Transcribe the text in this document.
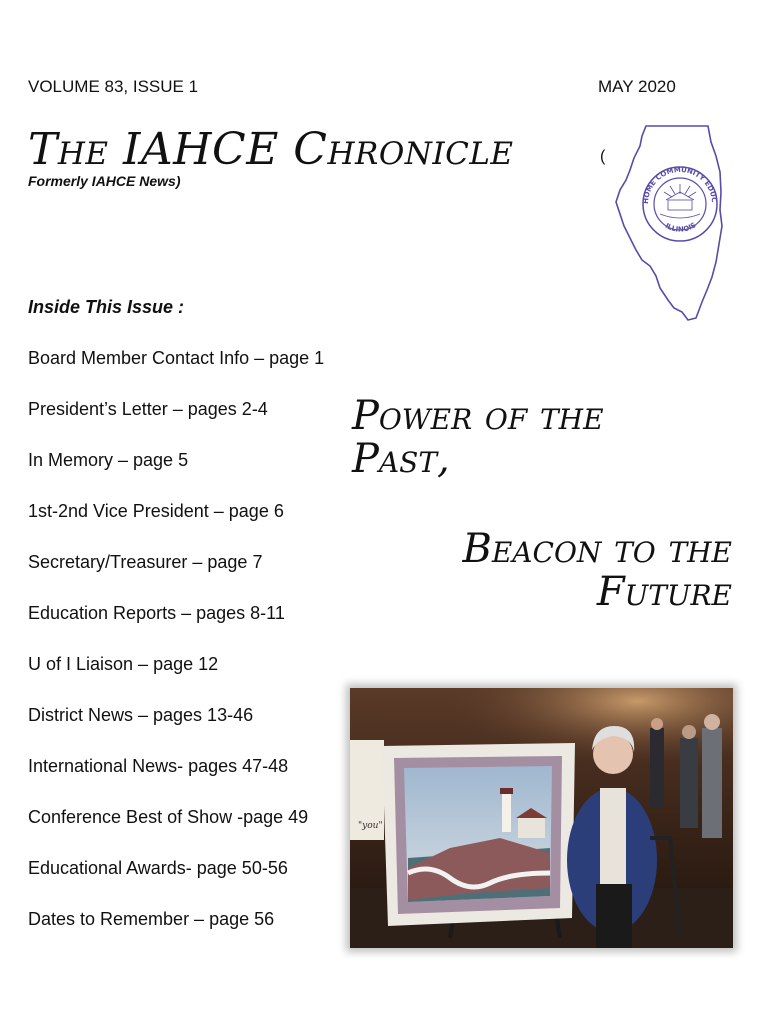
VOLUME 83, ISSUE 1	MAY 2020
The IAHCE Chronicle
Formerly IAHCE News)
(
HOME COMMUNITY EDUC
ILLINOIS
Inside This Issue :
Board Member Contact Info – page 1
President’s Letter – pages 2-4
In Memory – page 5
1st-2nd Vice President – page 6
Secretary/Treasurer – page 7
Education Reports – pages 8-11
U of I Liaison – page 12
District News – pages 13-46
International News- pages 47-48
Conference Best of Show -page 49
Educational Awards- page 50-56
Dates to Remember – page 56
Power of the
Past,
Beacon to the
Future
"you"
